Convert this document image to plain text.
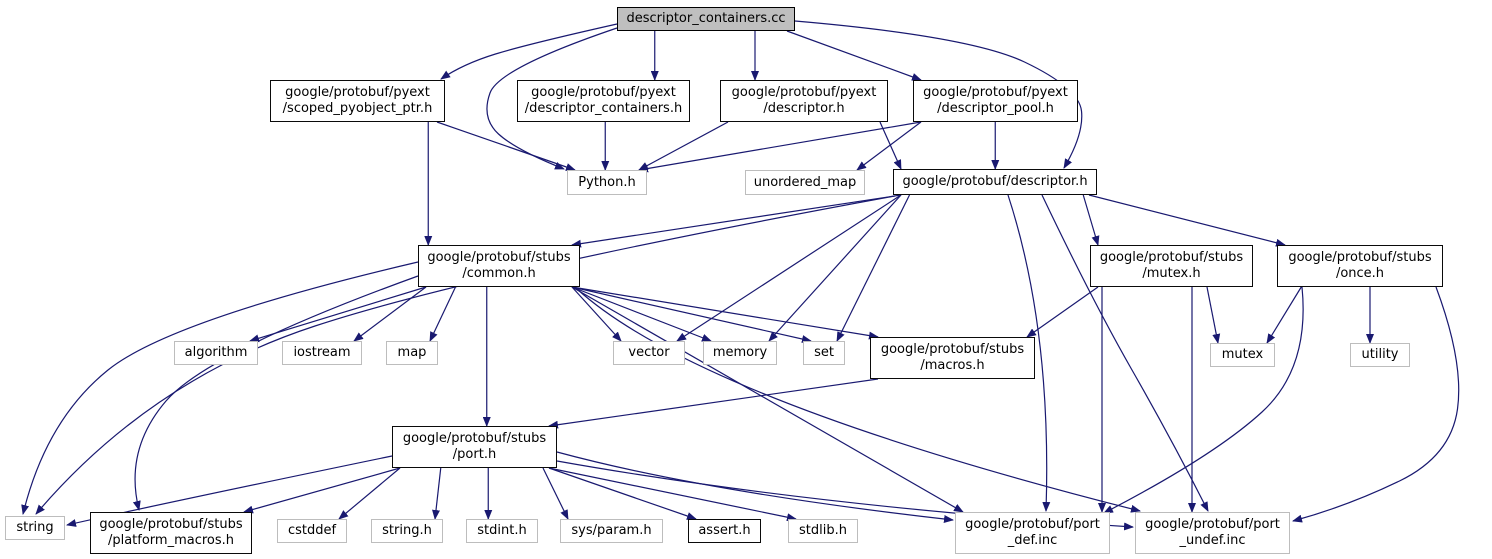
descriptor_containers.cc
google/protobuf/pyext
/scoped_pyobject_ptr.h
google/protobuf/pyext
/descriptor_containers.h
google/protobuf/pyext
/descriptor.h
google/protobuf/pyext
/descriptor_pool.h
Python.h	unordered_map	google/protobuf/descriptor.h
google/protobuf/stubs
/common.h
google/protobuf/stubs
/mutex.h
google/protobuf/stubs
/once.h
algorithm	iostream	map	vector	memory	set	google/protobuf/stubs
/macros.h
mutex	utility
google/protobuf/stubs
/port.h
string	google/protobuf/stubs
/platform_macros.h
cstddef	string.h	stdint.h	sys/param.h	assert.h	stdlib.h	google/protobuf/port
_def.inc
google/protobuf/port
_undef.inc
